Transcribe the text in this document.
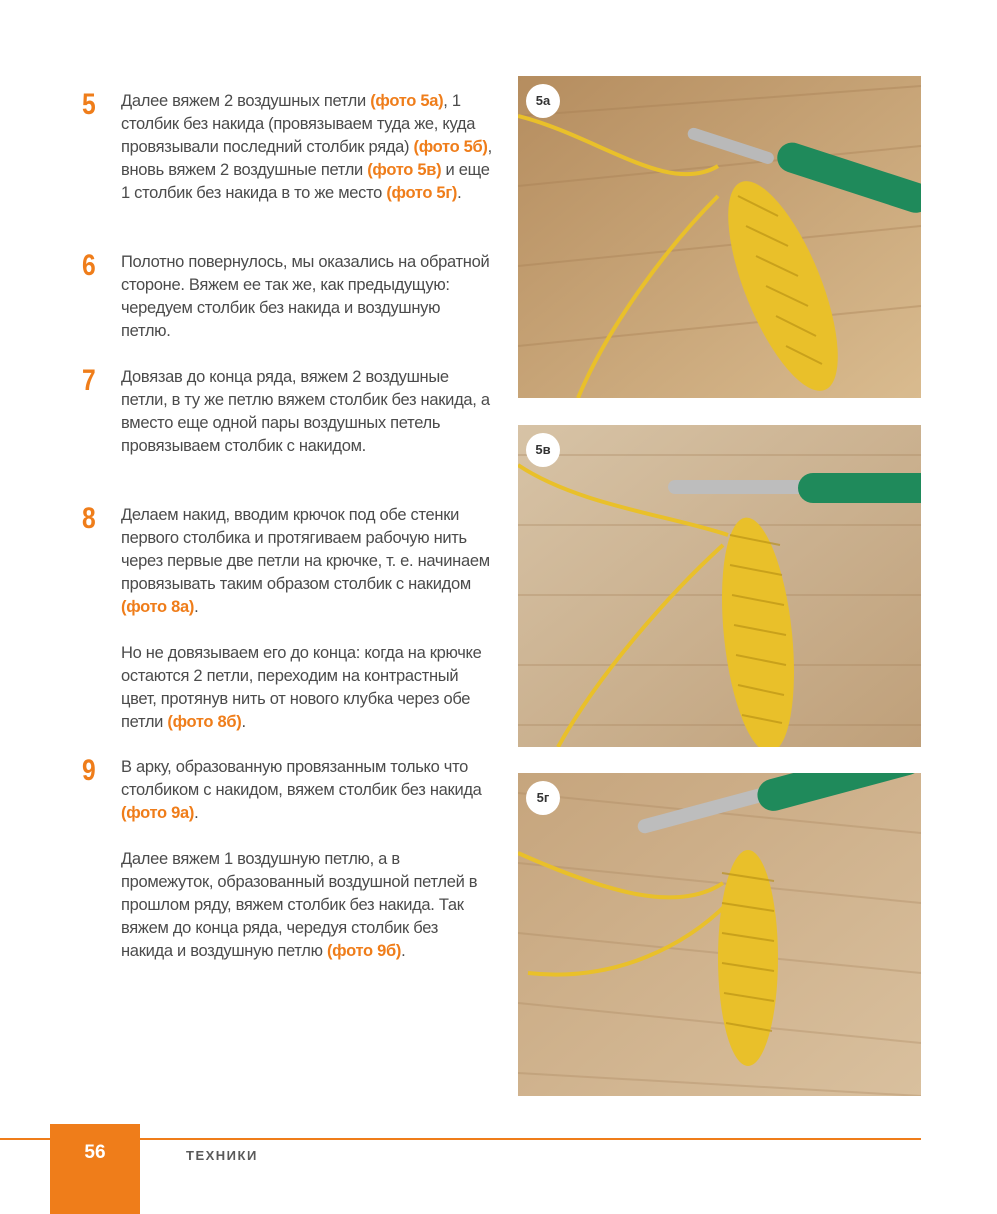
5 Далее вяжем 2 воздушных петли (фото 5а), 1 столбик без накида (провязываем туда же, куда провязывали последний столбик ряда) (фото 5б), вновь вяжем 2 воздушные петли (фото 5в) и еще 1 столбик без накида в то же место (фото 5г).

6 Полотно повернулось, мы оказались на обратной стороне. Вяжем ее так же, как предыдущую: чередуем столбик без накида и воздушную петлю.

7 Довязав до конца ряда, вяжем 2 воздушные петли, в ту же петлю вяжем столбик без накида, а вместо еще одной пары воздушных петель провязываем столбик с накидом.

8 Делаем накид, вводим крючок под обе стенки первого столбика и протягиваем рабочую нить через первые две петли на крючке, т. е. начинаем провязывать таким образом столбик с накидом (фото 8а).

Но не довязываем его до конца: когда на крючке остаются 2 петли, переходим на контрастный цвет, протянув нить от нового клубка через обе петли (фото 8б).

9 В арку, образованную провязанным только что столбиком с накидом, вяжем столбик без накида (фото 9а).

Далее вяжем 1 воздушную петлю, а в промежуток, образованный воздушной петлей в прошлом ряду, вяжем столбик без накида. Так вяжем до конца ряда, чередуя столбик без накида и воздушную петлю (фото 9б).

5а
5в
5г
56	ТЕХНИКИ
